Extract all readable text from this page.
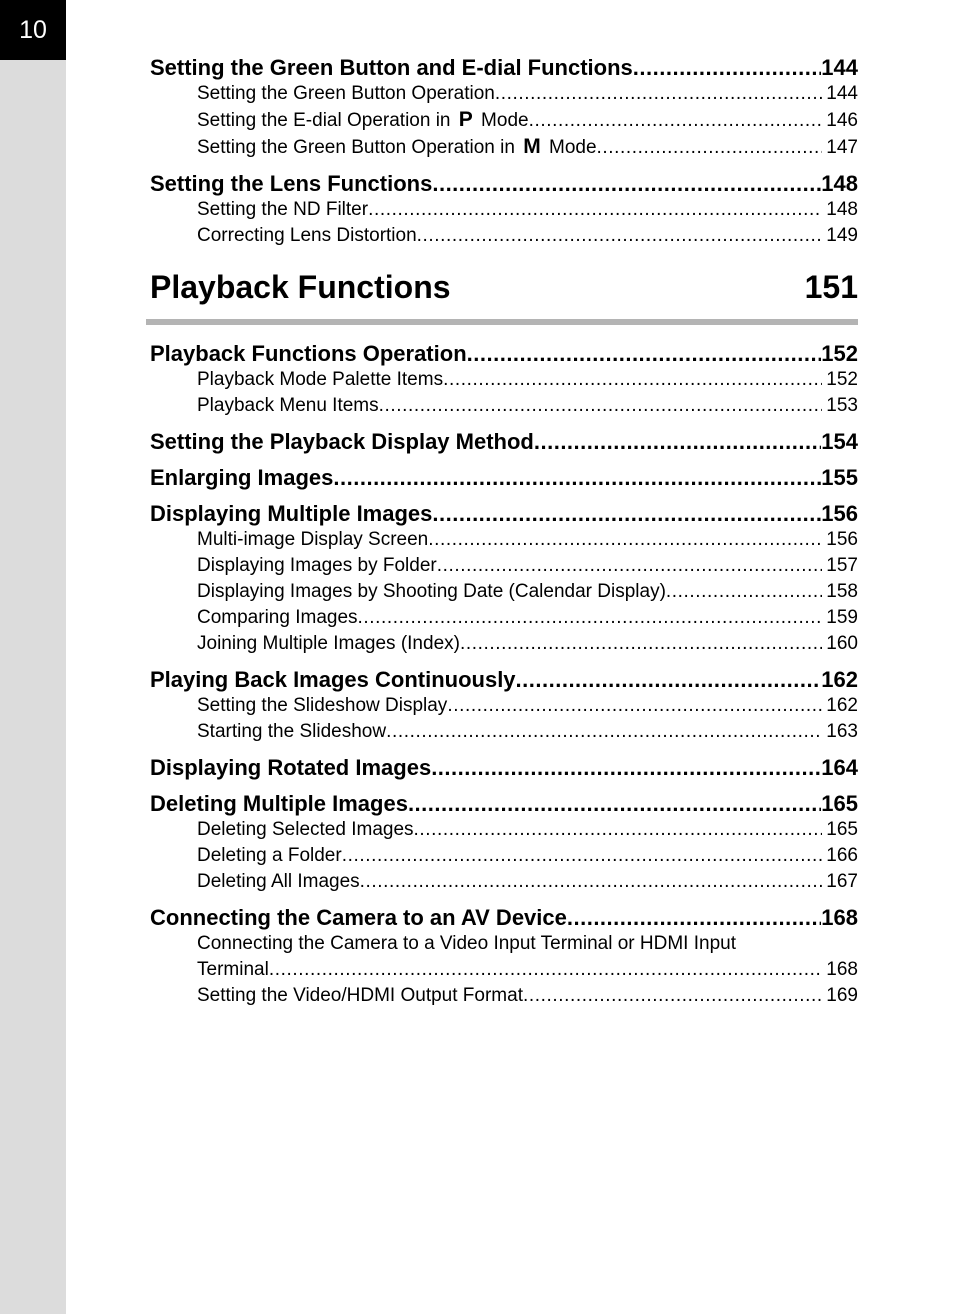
10
Setting the Green Button and E-dial Functions .....	144
Setting the Green Button Operation .....	144
Setting the E-dial Operation in P Mode .....	146
Setting the Green Button Operation in M Mode .....	147
Setting the Lens Functions .....	148
Setting the ND Filter .....	148
Correcting Lens Distortion .....	149
Playback Functions	151
Playback Functions Operation .....	152
Playback Mode Palette Items .....	152
Playback Menu Items .....	153
Setting the Playback Display Method .....	154
Enlarging Images .....	155
Displaying Multiple Images .....	156
Multi-image Display Screen .....	156
Displaying Images by Folder .....	157
Displaying Images by Shooting Date (Calendar Display) .....	158
Comparing Images .....	159
Joining Multiple Images (Index) .....	160
Playing Back Images Continuously .....	162
Setting the Slideshow Display .....	162
Starting the Slideshow .....	163
Displaying Rotated Images .....	164
Deleting Multiple Images .....	165
Deleting Selected Images .....	165
Deleting a Folder .....	166
Deleting All Images .....	167
Connecting the Camera to an AV Device .....	168
Connecting the Camera to a Video Input Terminal or HDMI Input
Terminal .....	168
Setting the Video/HDMI Output Format .....	169
